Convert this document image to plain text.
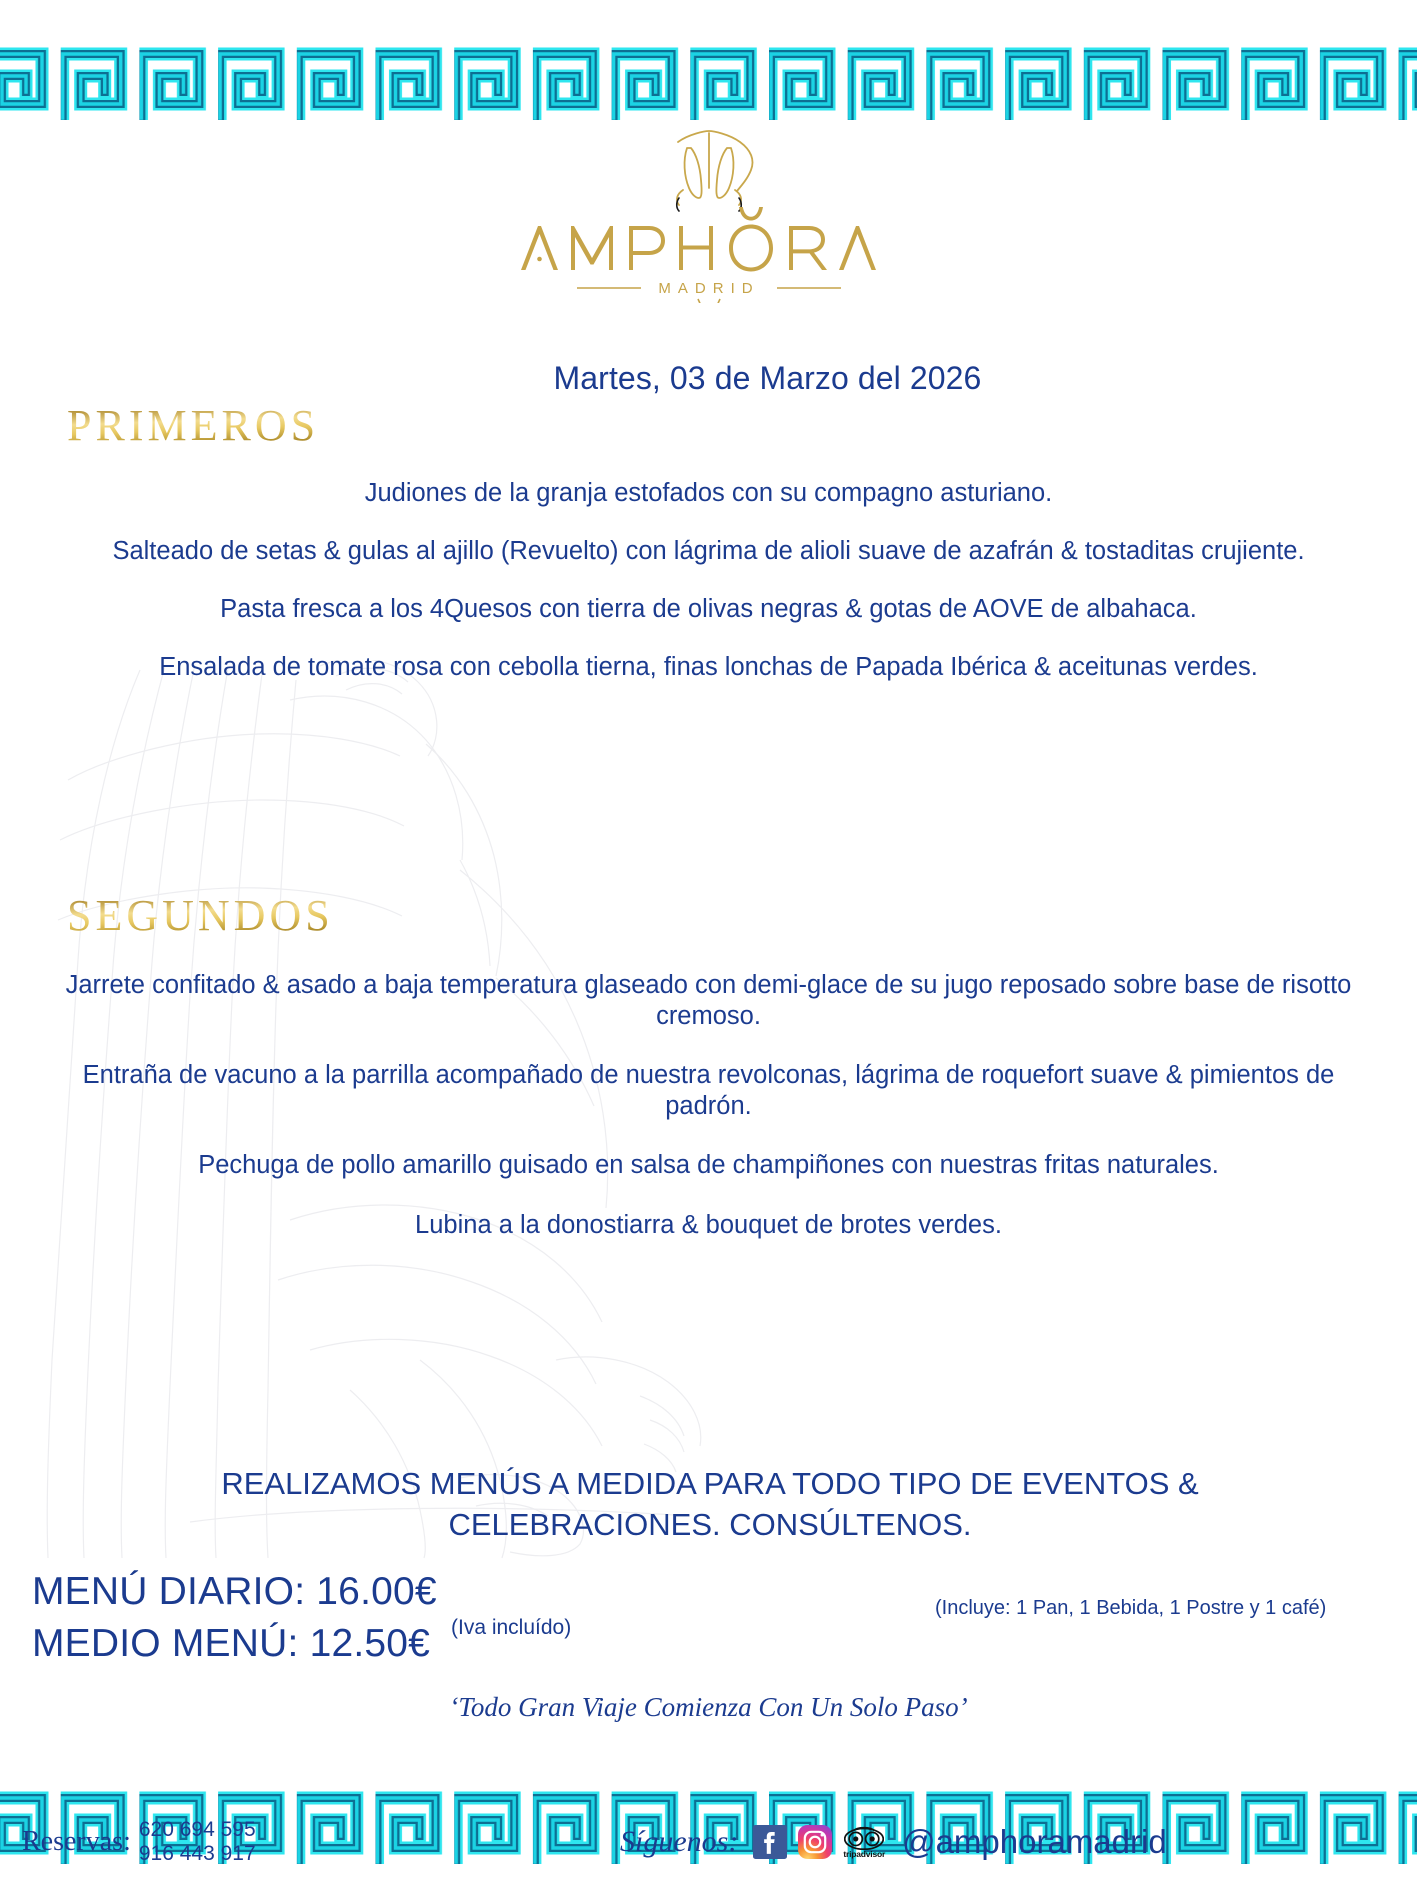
MADRID
Martes, 03 de Marzo del 2026
PRIMEROS

Judiones de la granja estofados con su compagno asturiano.

Salteado de setas & gulas al ajillo (Revuelto) con lágrima de alioli suave de azafrán & tostaditas crujiente.

Pasta fresca a los 4Quesos con tierra de olivas negras & gotas de AOVE de albahaca.

Ensalada de tomate rosa con cebolla tierna, finas lonchas de Papada Ibérica & aceitunas verdes.

SEGUNDOS

Jarrete confitado & asado a baja temperatura glaseado con demi-glace de su jugo reposado sobre base de risotto cremoso.

Entraña de vacuno a la parrilla acompañado de nuestra revolconas, lágrima de roquefort suave & pimientos de padrón.

Pechuga de pollo amarillo guisado en salsa de champiñones con nuestras fritas naturales.

Lubina a la donostiarra & bouquet de brotes verdes.

REALIZAMOS MENÚS A MEDIDA PARA TODO TIPO DE EVENTOS &
CELEBRACIONES. CONSÚLTENOS.
MENÚ DIARIO: 16.00€
MEDIO MENÚ: 12.50€ (Iva incluído)
(Incluye: 1 Pan, 1 Bebida, 1 Postre y 1 café)
‘Todo Gran Viaje Comienza Con Un Solo Paso’
Reservas: 620 694 595
916 443 917	Síguenos:	tripadvisor @amphoramadrid
